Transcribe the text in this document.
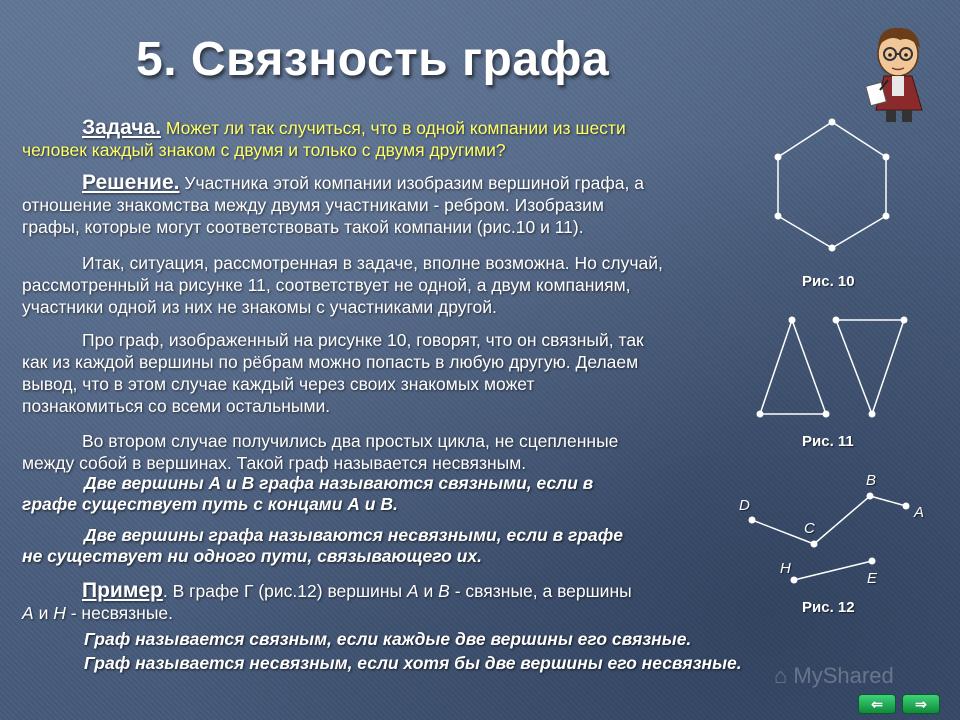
5. Связность графа
Задача. Может ли так случиться, что в одной компании из шести
человек каждый знаком с двумя и только с двумя другими?
Решение. Участника этой компании изобразим вершиной графа, а
отношение знакомства между двумя участниками - ребром. Изобразим
графы, которые могут соответствовать такой компании (рис.10 и 11).
Итак, ситуация, рассмотренная в задаче, вполне возможна. Но случай,
рассмотренный на рисунке 11, соответствует не одной, а двум компаниям,
участники одной из них не знакомы с участниками другой.
Про граф, изображенный на рисунке 10, говорят, что он связный, так
как из каждой вершины по рёбрам можно попасть в любую другую. Делаем
вывод, что в этом случае каждый через своих знакомых может
познакомиться со всеми остальными.
Во втором случае получились два простых цикла, не сцепленные
между собой в вершинах. Такой граф называется несвязным.
Две вершины А и В графа называются связными, если в
графе существует путь с концами А и В.
Две вершины графа называются несвязными, если в графе
не существует ни одного пути, связывающего их.
Пример. В графе Г (рис.12) вершины А и В - связные, а вершины
А и Н - несвязные.
Граф называется связным, если каждые две вершины его связные.
Граф называется несвязным, если хотя бы две вершины его несвязные.
Рис. 10
Рис. 11
B
D	A
C
H
E
Рис. 12
⌂ MyShared
⇐	⇒
